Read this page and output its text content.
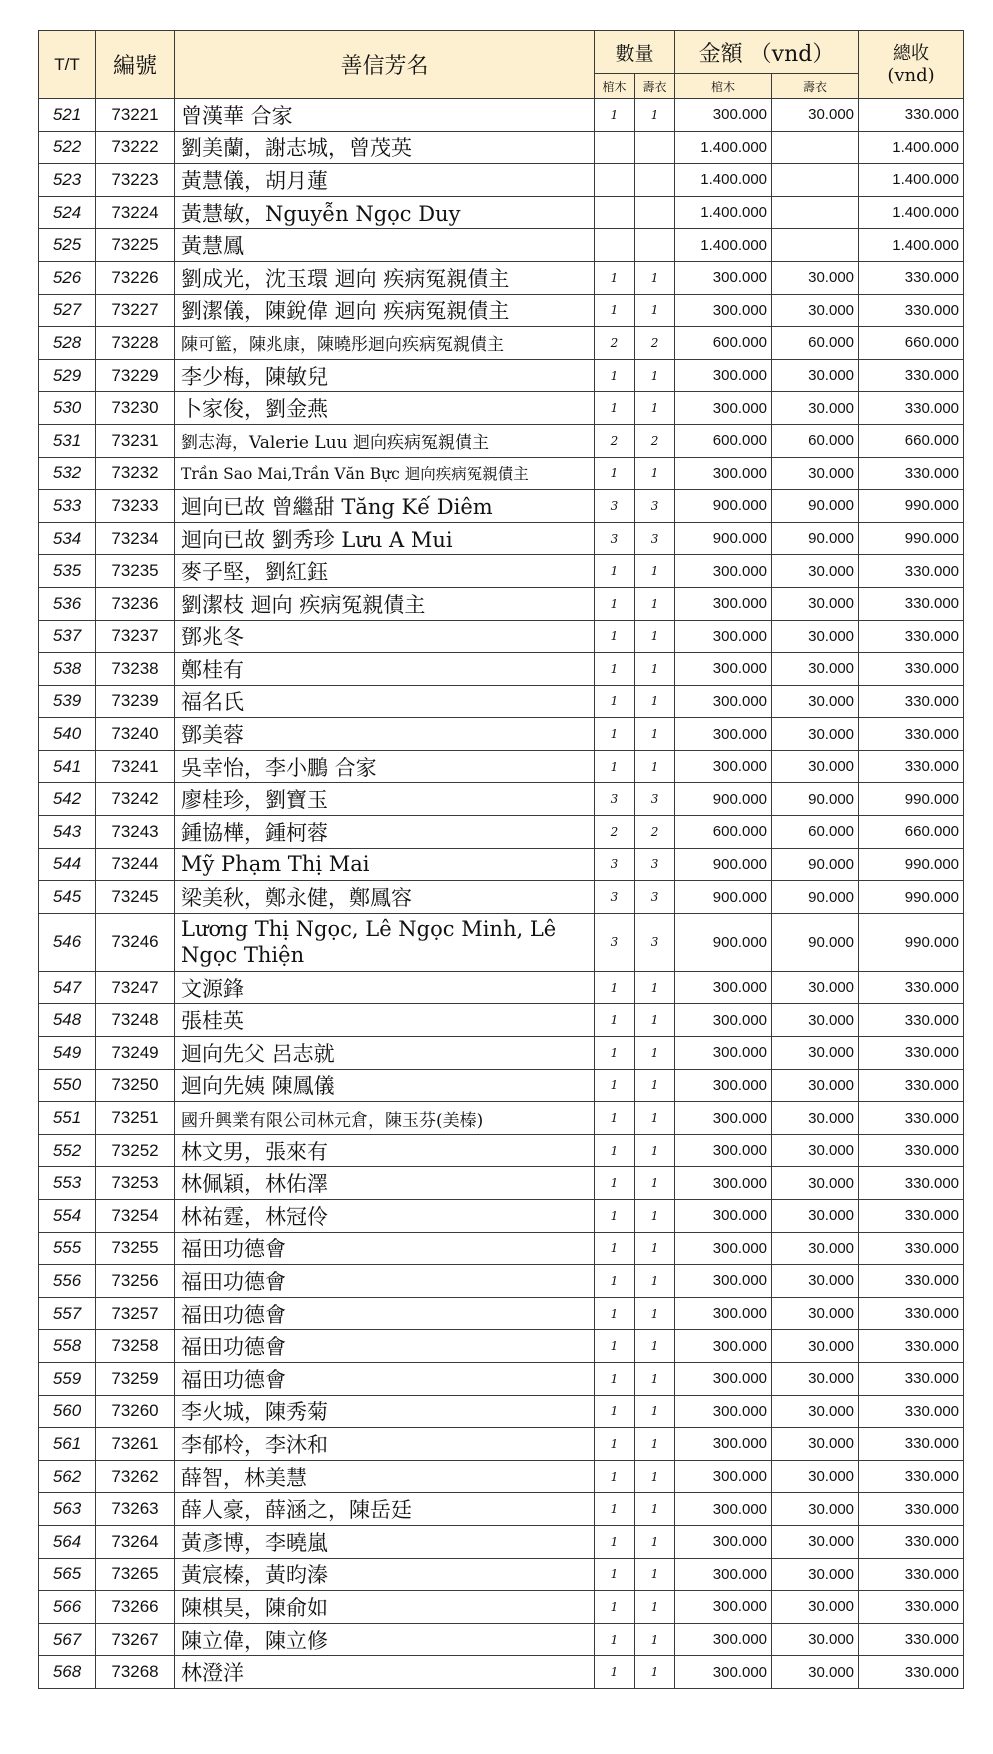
T/T	編號	善信芳名	數量		金額 （vnd）		總收
(vnd)
			棺木	壽衣	棺木	壽衣	
521	73221	曾漢華 合家	1	1	300.000	30.000	330.000
522	73222	劉美蘭，謝志城，曾茂英			1.400.000		1.400.000
523	73223	黃慧儀，胡月蓮			1.400.000		1.400.000
524	73224	黃慧敏，Nguyễn Ngọc Duy			1.400.000		1.400.000
525	73225	黃慧鳳			1.400.000		1.400.000
526	73226	劉成光，沈玉環 迴向 疾病冤親債主	1	1	300.000	30.000	330.000
527	73227	劉潔儀，陳銳偉 迴向 疾病冤親債主	1	1	300.000	30.000	330.000
528	73228	陳可籃，陳兆康，陳曉彤迴向疾病冤親債主	2	2	600.000	60.000	660.000
529	73229	李少梅，陳敏兒	1	1	300.000	30.000	330.000
530	73230	卜家俊，劉金燕	1	1	300.000	30.000	330.000
531	73231	劉志海，Valerie Luu 迴向疾病冤親債主	2	2	600.000	60.000	660.000
532	73232	Trần Sao Mai,Trần Văn Bực 迴向疾病冤親債主	1	1	300.000	30.000	330.000
533	73233	迴向已故 曾繼甜 Tăng Kế Diêm	3	3	900.000	90.000	990.000
534	73234	迴向已故 劉秀珍 Lưu A Mui	3	3	900.000	90.000	990.000
535	73235	麥子堅，劉紅鈺	1	1	300.000	30.000	330.000
536	73236	劉潔枝 迴向 疾病冤親債主	1	1	300.000	30.000	330.000
537	73237	鄧兆冬	1	1	300.000	30.000	330.000
538	73238	鄭桂有	1	1	300.000	30.000	330.000
539	73239	福名氏	1	1	300.000	30.000	330.000
540	73240	鄧美蓉	1	1	300.000	30.000	330.000
541	73241	吳幸怡，李小鵬 合家	1	1	300.000	30.000	330.000
542	73242	廖桂珍，劉寶玉	3	3	900.000	90.000	990.000
543	73243	鍾協樺，鍾柯蓉	2	2	600.000	60.000	660.000
544	73244	Mỹ Phạm Thị Mai	3	3	900.000	90.000	990.000
545	73245	梁美秋，鄭永健，鄭鳳容	3	3	900.000	90.000	990.000
546	73246	Lương Thị Ngọc, Lê Ngọc Minh, Lê Ngọc Thiện	3	3	900.000	90.000	990.000
547	73247	文源鋒	1	1	300.000	30.000	330.000
548	73248	張桂英	1	1	300.000	30.000	330.000
549	73249	迴向先父 呂志就	1	1	300.000	30.000	330.000
550	73250	迴向先姨 陳鳳儀	1	1	300.000	30.000	330.000
551	73251	國升興業有限公司林元倉，陳玉芬(美榛)	1	1	300.000	30.000	330.000
552	73252	林文男，張來有	1	1	300.000	30.000	330.000
553	73253	林佩穎，林佑澤	1	1	300.000	30.000	330.000
554	73254	林祐霆，林冠伶	1	1	300.000	30.000	330.000
555	73255	福田功德會	1	1	300.000	30.000	330.000
556	73256	福田功德會	1	1	300.000	30.000	330.000
557	73257	福田功德會	1	1	300.000	30.000	330.000
558	73258	福田功德會	1	1	300.000	30.000	330.000
559	73259	福田功德會	1	1	300.000	30.000	330.000
560	73260	李火城，陳秀菊	1	1	300.000	30.000	330.000
561	73261	李郁柃，李沐和	1	1	300.000	30.000	330.000
562	73262	薛智，林美慧	1	1	300.000	30.000	330.000
563	73263	薛人豪，薛涵之，陳岳廷	1	1	300.000	30.000	330.000
564	73264	黃彥博，李曉嵐	1	1	300.000	30.000	330.000
565	73265	黃宸榛，黃昀溱	1	1	300.000	30.000	330.000
566	73266	陳棋昊，陳俞如	1	1	300.000	30.000	330.000
567	73267	陳立偉，陳立修	1	1	300.000	30.000	330.000
568	73268	林澄洋	1	1	300.000	30.000	330.000
